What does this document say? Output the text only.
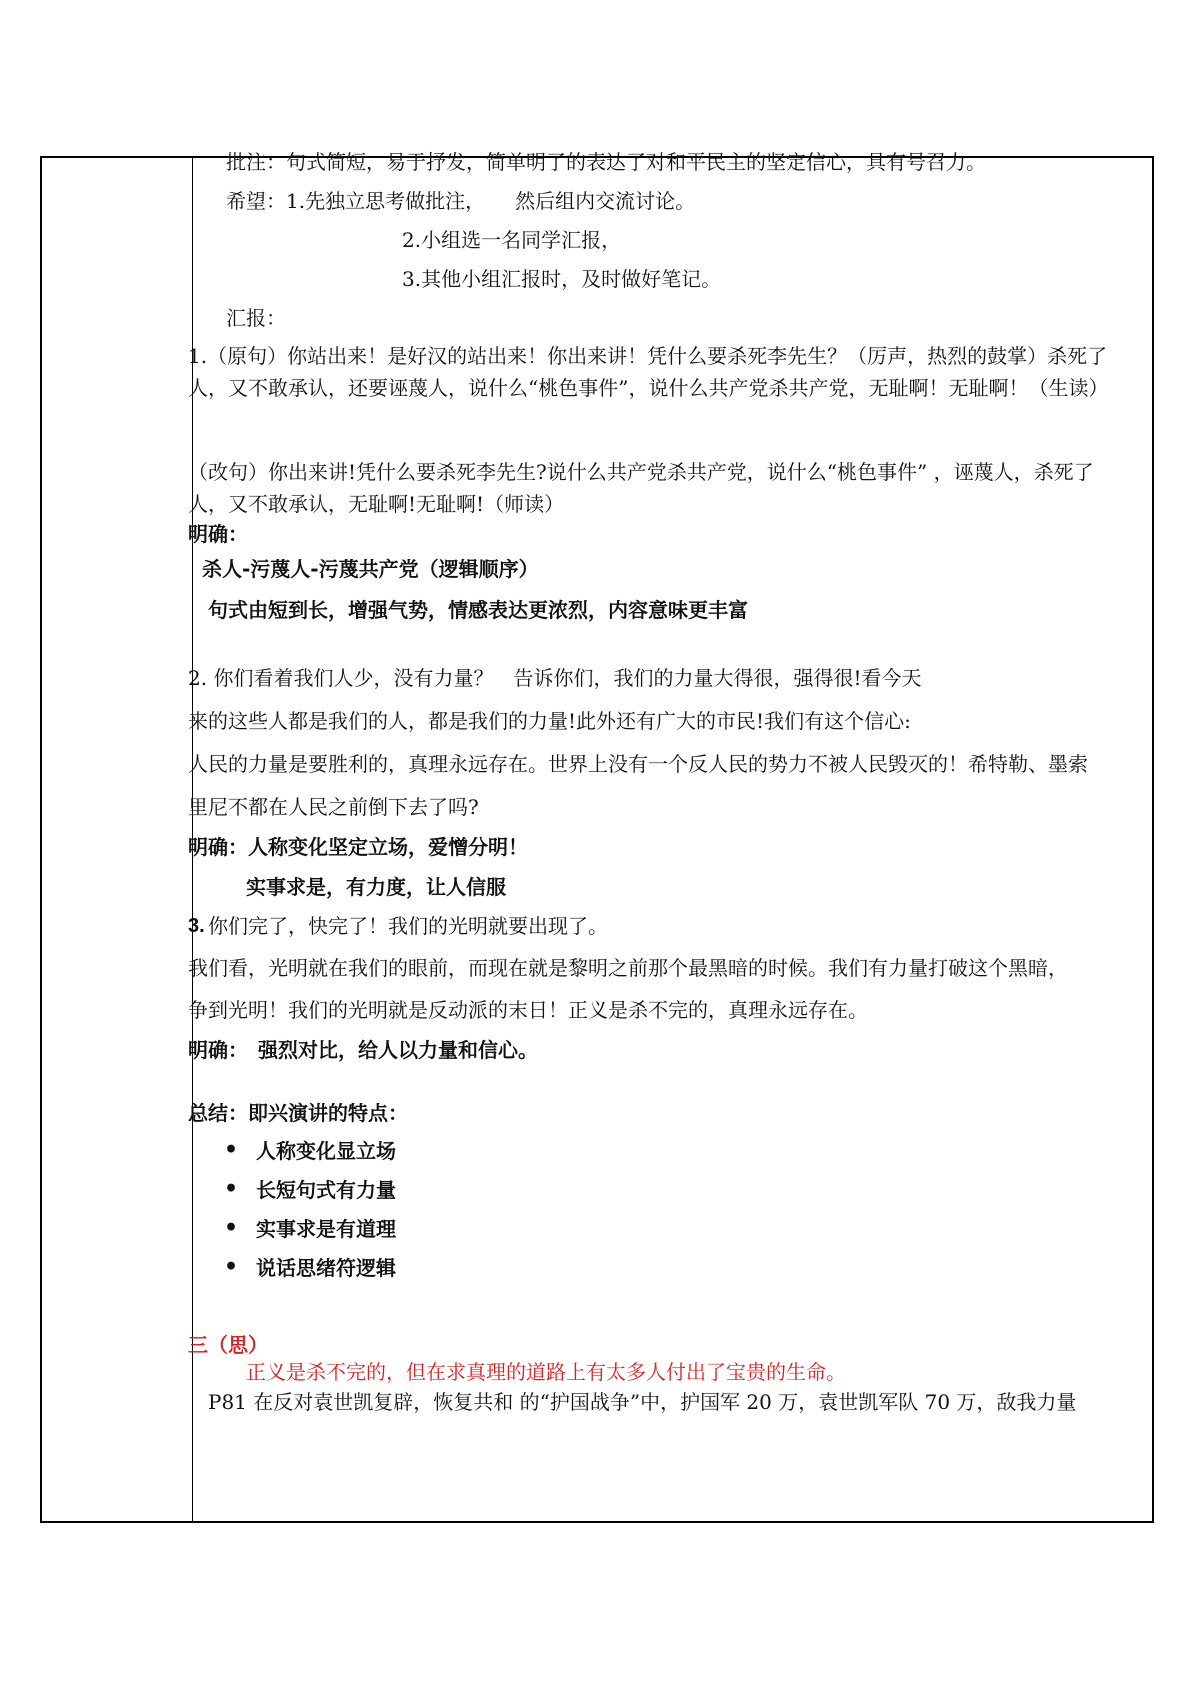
批注：句式简短，易于抒发，简单明了的表达了对和平民主的坚定信心，具有号召力。
希望：1.先独立思考做批注，　　然后组内交流讨论。
2.小组选一名同学汇报，
3.其他小组汇报时，及时做好笔记。
汇报：
1.（原句）你站出来！是好汉的站出来！你出来讲！凭什么要杀死李先生？（厉声，热烈的鼓掌）杀死了人，又不敢承认，还要诬蔑人，说什么“桃色事件”，说什么共产党杀共产党，无耻啊！无耻啊！（生读）
（改句）你出来讲!凭什么要杀死李先生?说什么共产党杀共产党，说什么“桃色事件” ，诬蔑人，杀死了人，又不敢承认，无耻啊!无耻啊!（师读）
明确：
杀人-污蔑人-污蔑共产党（逻辑顺序）
句式由短到长，增强气势，情感表达更浓烈，内容意味更丰富
2. 你们看着我们人少，没有力量？　告诉你们，我们的力量大得很，强得很!看今天
来的这些人都是我们的人，都是我们的力量!此外还有广大的市民!我们有这个信心:
人民的力量是要胜利的，真理永远存在。世界上没有一个反人民的势力不被人民毁灭的！希特勒、墨索
里尼不都在人民之前倒下去了吗?
明确：人称变化坚定立场，爱憎分明！
实事求是，有力度，让人信服
3. 你们完了，快完了！我们的光明就要出现了。
我们看，光明就在我们的眼前，而现在就是黎明之前那个最黑暗的时候。我们有力量打破这个黑暗，
争到光明！我们的光明就是反动派的末日！正义是杀不完的，真理永远存在。
明确：　强烈对比，给人以力量和信心。
总结：即兴演讲的特点：
• 人称变化显立场
• 长短句式有力量
• 实事求是有道理
• 说话思绪符逻辑
三（思）
正义是杀不完的，但在求真理的道路上有太多人付出了宝贵的生命。
P81 在反对袁世凯复辟，恢复共和 的“护国战争”中，护国军 20 万，袁世凯军队 70 万，敌我力量
